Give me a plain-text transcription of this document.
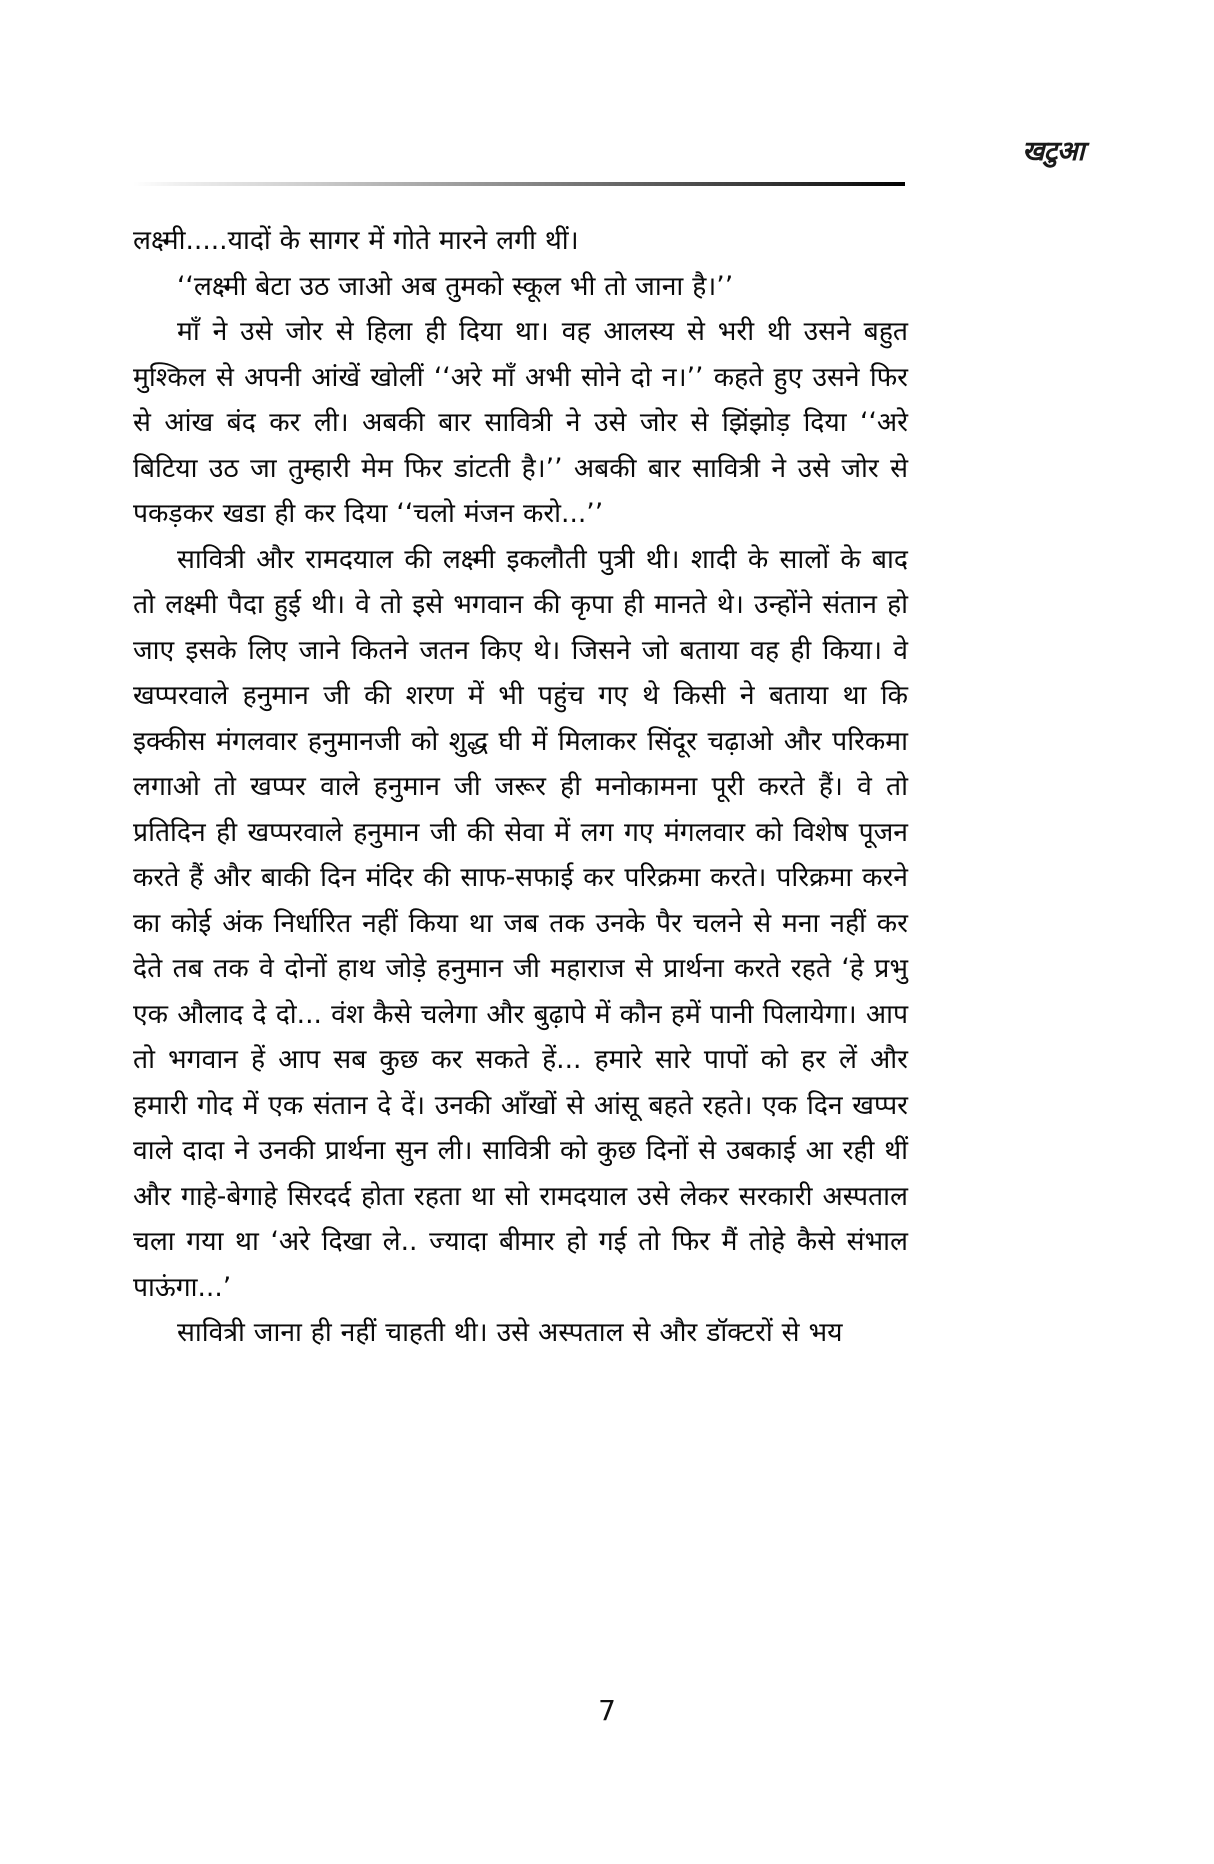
खटुआ

लक्ष्मी.....यादों के सागर में गोते मारने लगी थीं।

‘‘लक्ष्मी बेटा उठ जाओ अब तुमको स्कूल भी तो जाना है।’’

माँ ने उसे जोर से हिला ही दिया था। वह आलस्य से भरी थी उसने बहुत मुश्किल से अपनी आंखें खोलीं ‘‘अरे माँ अभी सोने दो न।’’ कहते हुए उसने फिर से आंख बंद कर ली। अबकी बार सावित्री ने उसे जोर से झिंझोड़ दिया ‘‘अरे बिटिया उठ जा तुम्हारी मेम फिर डांटती है।’’ अबकी बार सावित्री ने उसे जोर से पकड़कर खडा ही कर दिया ‘‘चलो मंजन करो...’’

सावित्री और रामदयाल की लक्ष्मी इकलौती पुत्री थी। शादी के सालों के बाद तो लक्ष्मी पैदा हुई थी। वे तो इसे भगवान की कृपा ही मानते थे। उन्होंने संतान हो जाए इसके लिए जाने कितने जतन किए थे। जिसने जो बताया वह ही किया। वे खप्परवाले हनुमान जी की शरण में भी पहुंच गए थे किसी ने बताया था कि इक्कीस मंगलवार हनुमानजी को शुद्ध घी में मिलाकर सिंदूर चढ़ाओ और परिकमा लगाओ तो खप्पर वाले हनुमान जी जरूर ही मनोकामना पूरी करते हैं। वे तो प्रतिदिन ही खप्परवाले हनुमान जी की सेवा में लग गए मंगलवार को विशेष पूजन करते हैं और बाकी दिन मंदिर की साफ-सफाई कर परिक्रमा करते। परिक्रमा करने का कोई अंक निर्धारित नहीं किया था जब तक उनके पैर चलने से मना नहीं कर देते तब तक वे दोनों हाथ जोड़े हनुमान जी महाराज से प्रार्थना करते रहते ‘हे प्रभु एक औलाद दे दो... वंश कैसे चलेगा और बुढ़ापे में कौन हमें पानी पिलायेगा। आप तो भगवान हें आप सब कुछ कर सकते हें... हमारे सारे पापों को हर लें और हमारी गोद में एक संतान दे दें। उनकी आँखों से आंसू बहते रहते। एक दिन खप्पर वाले दादा ने उनकी प्रार्थना सुन ली। सावित्री को कुछ दिनों से उबकाई आ रही थीं और गाहे-बेगाहे सिरदर्द होता रहता था सो रामदयाल उसे लेकर सरकारी अस्पताल चला गया था ‘अरे दिखा ले.. ज्यादा बीमार हो गई तो फिर मैं तोहे कैसे संभाल पाऊंगा...’

सावित्री जाना ही नहीं चाहती थी। उसे अस्पताल से और डॉक्टरों से भय

7
